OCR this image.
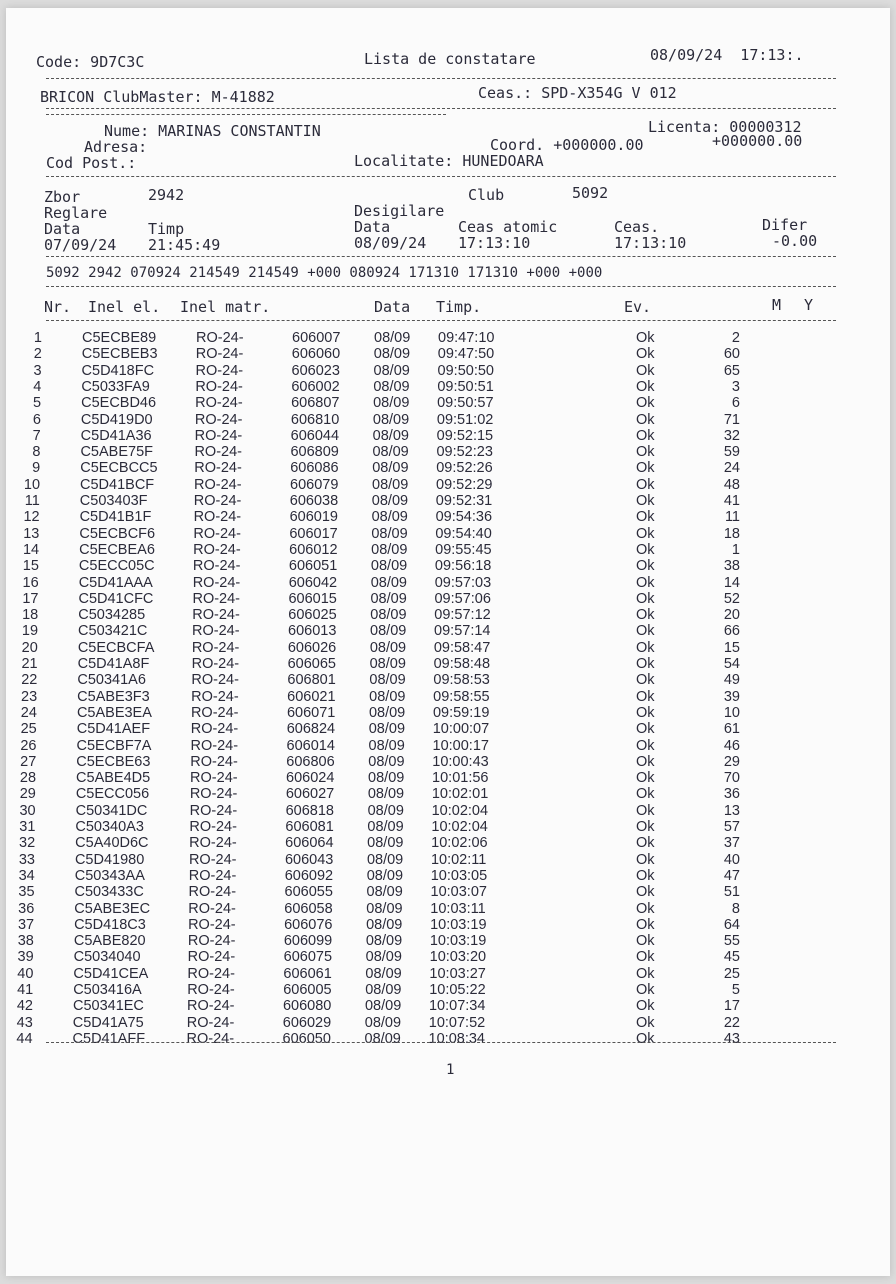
Code: 9D7C3C	Lista de constatare	08/09/24  17:13:.
BRICON ClubMaster: M-41882	Ceas.: SPD-X354G V 012
Nume: MARINAS CONSTANTIN	Licenta: 00000312
Adresa:	Coord. +000000.00	+000000.00
Cod Post.:	Localitate: HUNEDOARA
Zbor	2942	Club	5092
Reglare	Desigilare
Data	Timp	Data	Ceas atomic	Ceas.	Difer
07/09/24 21:45:49	08/09/24 17:13:10	17:13:10	-0.00
5092 2942 070924 214549 214549 +000 080924 171310 171310 +000 +000
Nr. Inel el. Inel matr.	Data Timp.	Ev.	M Y
1	C5ECBE89	RO-24-	606007 08/09 09:47:10	Ok	2
2	C5ECBEB3	RO-24-	606060 08/09 09:47:50	Ok	60
3	C5D418FC	RO-24-	606023 08/09 09:50:50	Ok	65
4	C5033FA9	RO-24-	606002 08/09 09:50:51	Ok	3
5	C5ECBD46	RO-24-	606807 08/09 09:50:57	Ok	6
6	C5D419D0	RO-24-	606810 08/09 09:51:02	Ok	71
7	C5D41A36	RO-24-	606044 08/09 09:52:15	Ok	32
8	C5ABE75F	RO-24-	606809 08/09 09:52:23	Ok	59
9	C5ECBCC5	RO-24-	606086 08/09 09:52:26	Ok	24
10	C5D41BCF	RO-24-	606079 08/09 09:52:29	Ok	48
11	C503403F	RO-24-	606038 08/09 09:52:31	Ok	41
12	C5D41B1F	RO-24-	606019 08/09 09:54:36	Ok	11
13	C5ECBCF6	RO-24-	606017 08/09 09:54:40	Ok	18
14	C5ECBEA6	RO-24-	606012 08/09 09:55:45	Ok	1
15	C5ECC05C	RO-24-	606051 08/09 09:56:18	Ok	38
16	C5D41AAA	RO-24-	606042 08/09 09:57:03	Ok	14
17	C5D41CFC	RO-24-	606015 08/09 09:57:06	Ok	52
18	C5034285	RO-24-	606025 08/09 09:57:12	Ok	20
19	C503421C	RO-24-	606013 08/09 09:57:14	Ok	66
20	C5ECBCFA	RO-24-	606026 08/09 09:58:47	Ok	15
21	C5D41A8F	RO-24-	606065 08/09 09:58:48	Ok	54
22	C50341A6	RO-24-	606801 08/09 09:58:53	Ok	49
23	C5ABE3F3	RO-24-	606021 08/09 09:58:55	Ok	39
24	C5ABE3EA	RO-24-	606071 08/09 09:59:19	Ok	10
25	C5D41AEF	RO-24-	606824 08/09 10:00:07	Ok	61
26	C5ECBF7A	RO-24-	606014 08/09 10:00:17	Ok	46
27	C5ECBE63	RO-24-	606806 08/09 10:00:43	Ok	29
28	C5ABE4D5	RO-24-	606024 08/09 10:01:56	Ok	70
29	C5ECC056	RO-24-	606027 08/09 10:02:01	Ok	36
30	C50341DC	RO-24-	606818 08/09 10:02:04	Ok	13
31	C50340A3	RO-24-	606081 08/09 10:02:04	Ok	57
32	C5A40D6C	RO-24-	606064 08/09 10:02:06	Ok	37
33	C5D41980	RO-24-	606043 08/09 10:02:11	Ok	40
34	C50343AA	RO-24-	606092 08/09 10:03:05	Ok	47
35	C503433C	RO-24-	606055 08/09 10:03:07	Ok	51
36	C5ABE3EC	RO-24-	606058 08/09 10:03:11	Ok	8
37	C5D418C3	RO-24-	606076 08/09 10:03:19	Ok	64
38	C5ABE820	RO-24-	606099 08/09 10:03:19	Ok	55
39	C5034040	RO-24-	606075 08/09 10:03:20	Ok	45
40	C5D41CEA	RO-24-	606061 08/09 10:03:27	Ok	25
41	C503416A	RO-24-	606005 08/09 10:05:22	Ok	5
42	C50341EC	RO-24-	606080 08/09 10:07:34	Ok	17
43	C5D41A75	RO-24-	606029 08/09 10:07:52	Ok	22
44	C5D41AFF	RO-24-	606050 08/09 10:08:34	Ok	43
1
